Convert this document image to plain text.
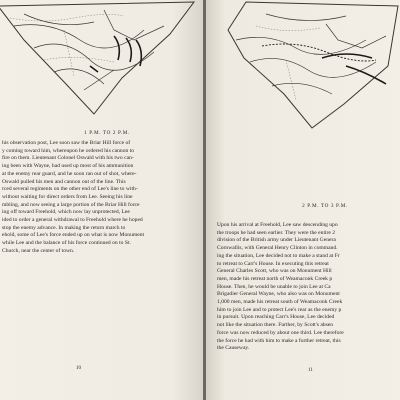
1 P.M. TO 2 P.M.
his observation post, Lee soon saw the Briar Hill force of
y coming toward him, whereupon he ordered his cannon to
fire on them. Lieutenant Colonel Oswald with his two can-
ing been with Wayne, had used up most of his ammunition
at the enemy rear guard, and he soon ran out of shot, where-
Oswald pulled his men and cannon out of the line. This
rced several regiments on the other end of Lee's line to with-
without waiting for direct orders from Lee. Seeing his line
mbling, and now seeing a large portion of the Briar Hill force
ing off toward Freehold, which now lay unprotected, Lee
ided to order a general withdrawal to Freehold where he hoped
stop the enemy advance. In making the return march to
ehold, some of Lee's force ended up on what is now Monument
while Lee and the balance of his force continued on to St.
Church, near the center of town.
10
2 P.M. TO 3 P.M.
Upon his arrival at Freehold, Lee saw descending upo
the troops he had seen earlier. They were the entire 2
division of the British army under Lieutenant Genera
Cornwallis, with General Henry Clinton in command.
ing the situation, Lee decided not to make a stand at Fr
to retreat to Carr's House. In executing this retreat
General Charles Scott, who was on Monument Hill
men, made his retreat north of Weamaconk Creek p
House. Then, he would be unable to join Lee at Ca
Brigadier General Wayne, who also was on Monument
1,000 men, made his retreat south of Weamaconk Creek
him to join Lee and to protect Lee's rear as the enemy p
in pursuit. Upon reaching Carr's House, Lee decided
not like the situation there. Further, by Scott's absen
force was now reduced by about one third. Lee therefore
the force he had with him to make a further retreat, this
the Causeway.
11
